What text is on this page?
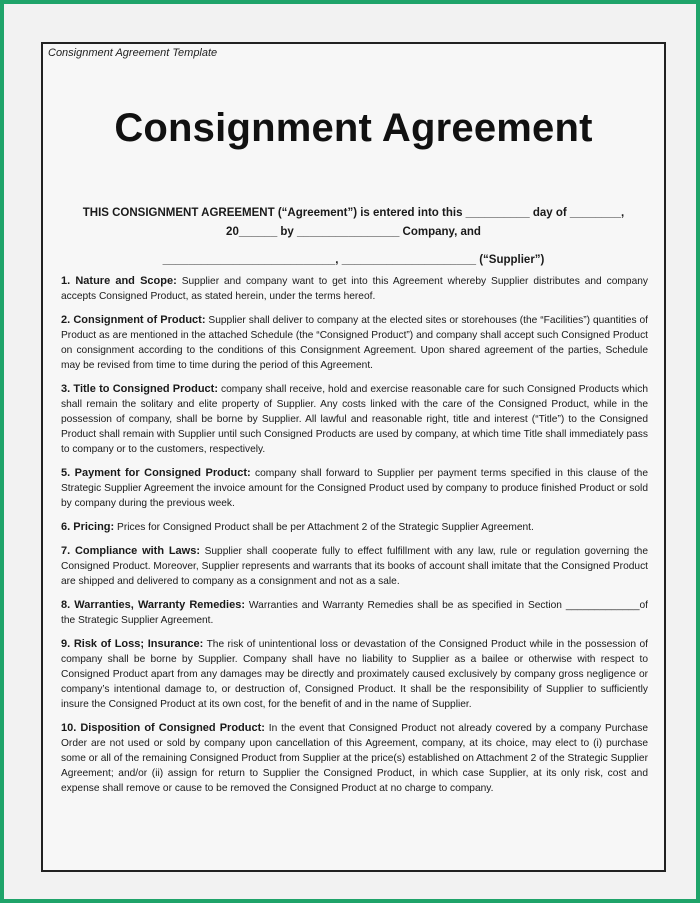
Consignment Agreement Template
Consignment Agreement
THIS CONSIGNMENT AGREEMENT (“Agreement”) is entered into this __________ day of ________,
20______ by ________________ Company, and
___________________________, _____________________ (“Supplier”)

1. Nature and Scope: Supplier and company want to get into this Agreement whereby Supplier distributes and company accepts Consigned Product, as stated herein, under the terms hereof.

2. Consignment of Product: Supplier shall deliver to company at the elected sites or storehouses (the “Facilities”) quantities of Product as are mentioned in the attached Schedule (the “Consigned Product”) and company shall accept such Consigned Product on consignment according to the conditions of this Consignment Agreement. Upon shared agreement of the parties, Schedule may be revised from time to time during the period of this Agreement.

3. Title to Consigned Product: company shall receive, hold and exercise reasonable care for such Consigned Products which shall remain the solitary and elite property of Supplier. Any costs linked with the care of the Consigned Product, while in the possession of company, shall be borne by Supplier. All lawful and reasonable right, title and interest (“Title”) to the Consigned Product shall remain with Supplier until such Consigned Products are used by company, at which time Title shall immediately pass to company or to the customers, respectively.

5. Payment for Consigned Product: company shall forward to Supplier per payment terms specified in this clause of the Strategic Supplier Agreement the invoice amount for the Consigned Product used by company to produce finished Product or sold by company during the previous week.

6. Pricing: Prices for Consigned Product shall be per Attachment 2 of the Strategic Supplier Agreement.

7. Compliance with Laws: Supplier shall cooperate fully to effect fulfillment with any law, rule or regulation governing the Consigned Product. Moreover, Supplier represents and warrants that its books of account shall imitate that the Consigned Product are shipped and delivered to company as a consignment and not as a sale.

8. Warranties, Warranty Remedies: Warranties and Warranty Remedies shall be as specified in Section _____________of the Strategic Supplier Agreement.

9. Risk of Loss; Insurance: The risk of unintentional loss or devastation of the Consigned Product while in the possession of company shall be borne by Supplier. Company shall have no liability to Supplier as a bailee or otherwise with respect to Consigned Product apart from any damages may be directly and proximately caused exclusively by company gross negligence or company’s intentional damage to, or destruction of, Consigned Product. It shall be the responsibility of Supplier to sufficiently insure the Consigned Product at its own cost, for the benefit of and in the name of Supplier.

10. Disposition of Consigned Product: In the event that Consigned Product not already covered by a company Purchase Order are not used or sold by company upon cancellation of this Agreement, company, at its choice, may elect to (i) purchase some or all of the remaining Consigned Product from Supplier at the price(s) established on Attachment 2 of the Strategic Supplier Agreement; and/or (ii) assign for return to Supplier the Consigned Product, in which case Supplier, at its only risk, cost and expense shall remove or cause to be removed the Consigned Product at no charge to company.
